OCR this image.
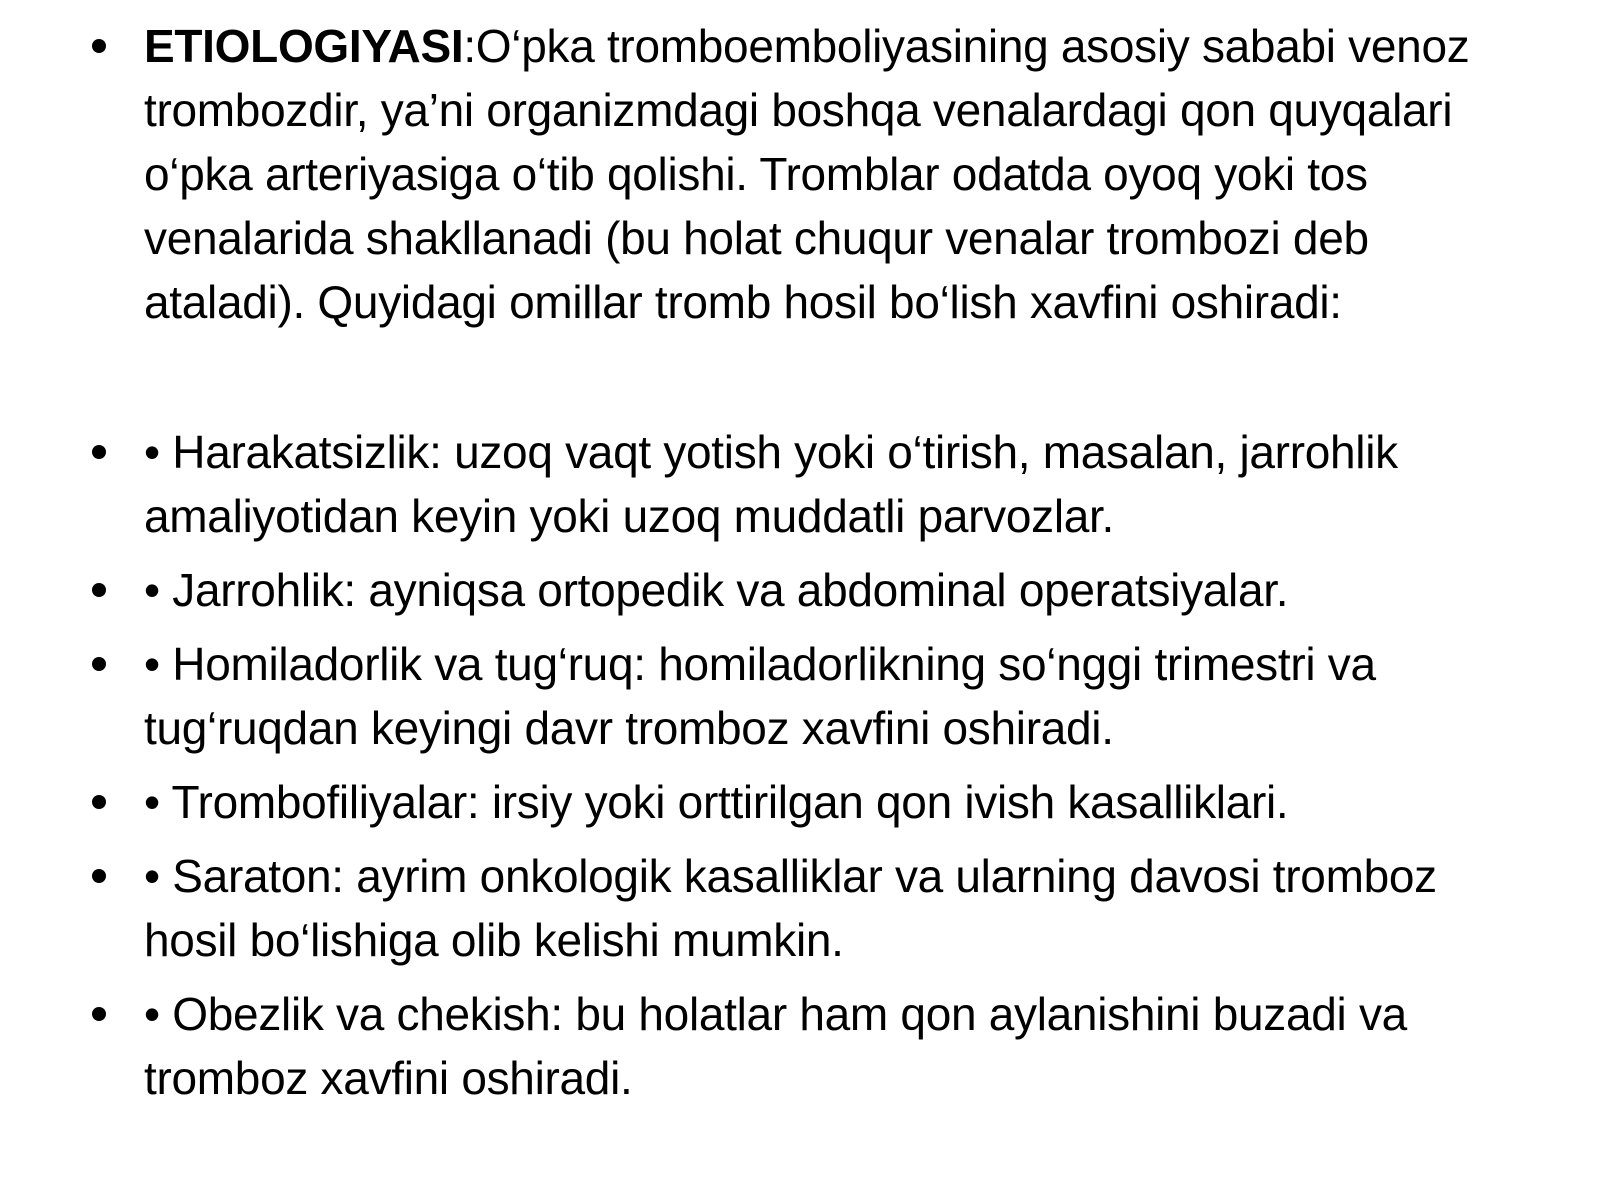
ETIOLOGIYASI:O‘pka tromboemboliyasining asosiy sababi venoz trombozdir, ya’ni organizmdagi boshqa venalardagi qon quyqalari o‘pka arteriyasiga o‘tib qolishi. Tromblar odatda oyoq yoki tos venalarida shakllanadi (bu holat chuqur venalar trombozi deb ataladi). Quyidagi omillar tromb hosil bo‘lish xavfini oshiradi:
• Harakatsizlik: uzoq vaqt yotish yoki o‘tirish, masalan, jarrohlik amaliyotidan keyin yoki uzoq muddatli parvozlar.
• Jarrohlik: ayniqsa ortopedik va abdominal operatsiyalar.
• Homiladorlik va tug‘ruq: homiladorlikning so‘nggi trimestri va tug‘ruqdan keyingi davr tromboz xavfini oshiradi.
• Trombofiliyalar: irsiy yoki orttirilgan qon ivish kasalliklari.
• Saraton: ayrim onkologik kasalliklar va ularning davosi tromboz hosil bo‘lishiga olib kelishi mumkin.
• Obezlik va chekish: bu holatlar ham qon aylanishini buzadi va tromboz xavfini oshiradi.
